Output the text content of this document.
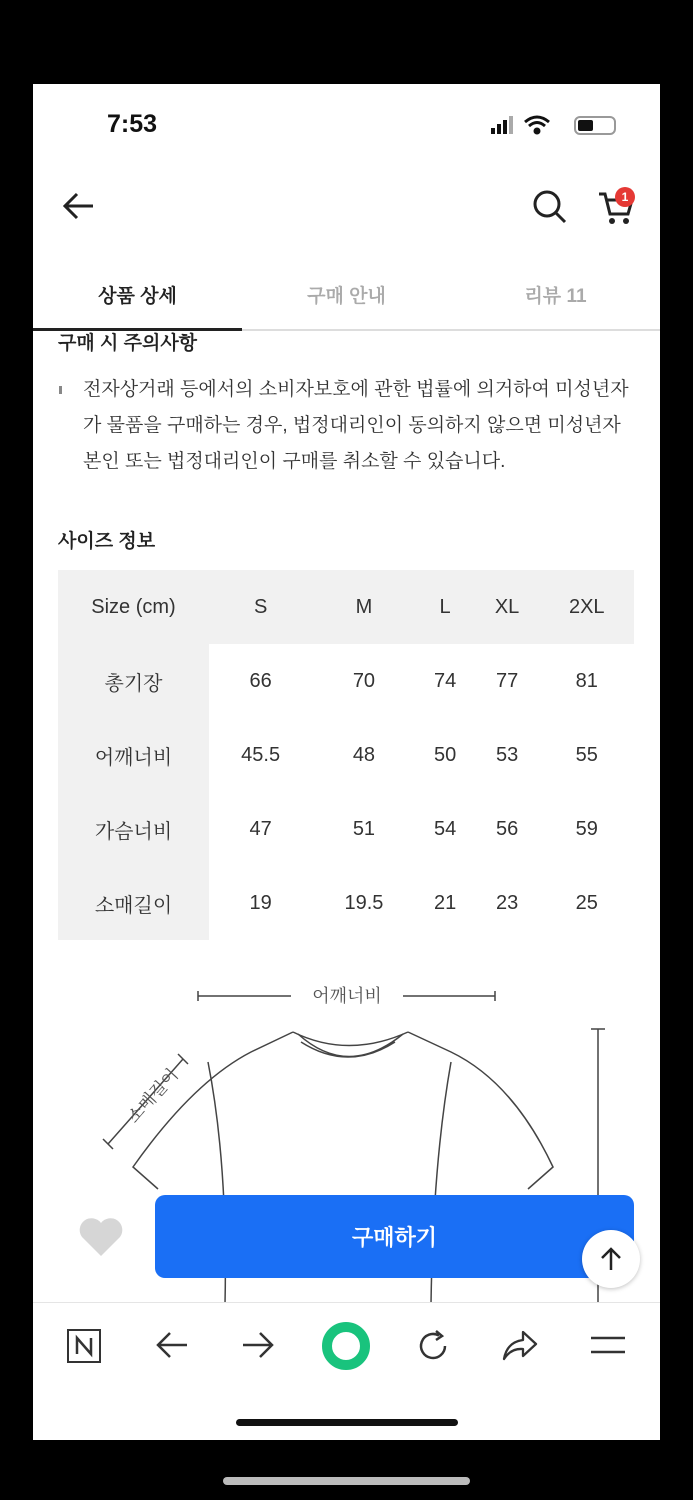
7:53
1
상품 상세	구매 안내	리뷰 11
구매 시 주의사항
전자상거래 등에서의 소비자보호에 관한 법률에 의거하여 미성년자가 물품을 구매하는 경우, 법정대리인이 동의하지 않으면 미성년자 본인 또는 법정대리인이 구매를 취소할 수 있습니다.
사이즈 정보
Size (cm)	S	M	L	XL	2XL
총기장	66	70	74	77	81
어깨너비	45.5	48	50	53	55
가슴너비	47	51	54	56	59
소매길이	19	19.5	21	23	25
어깨너비
소매길이
구매하기
